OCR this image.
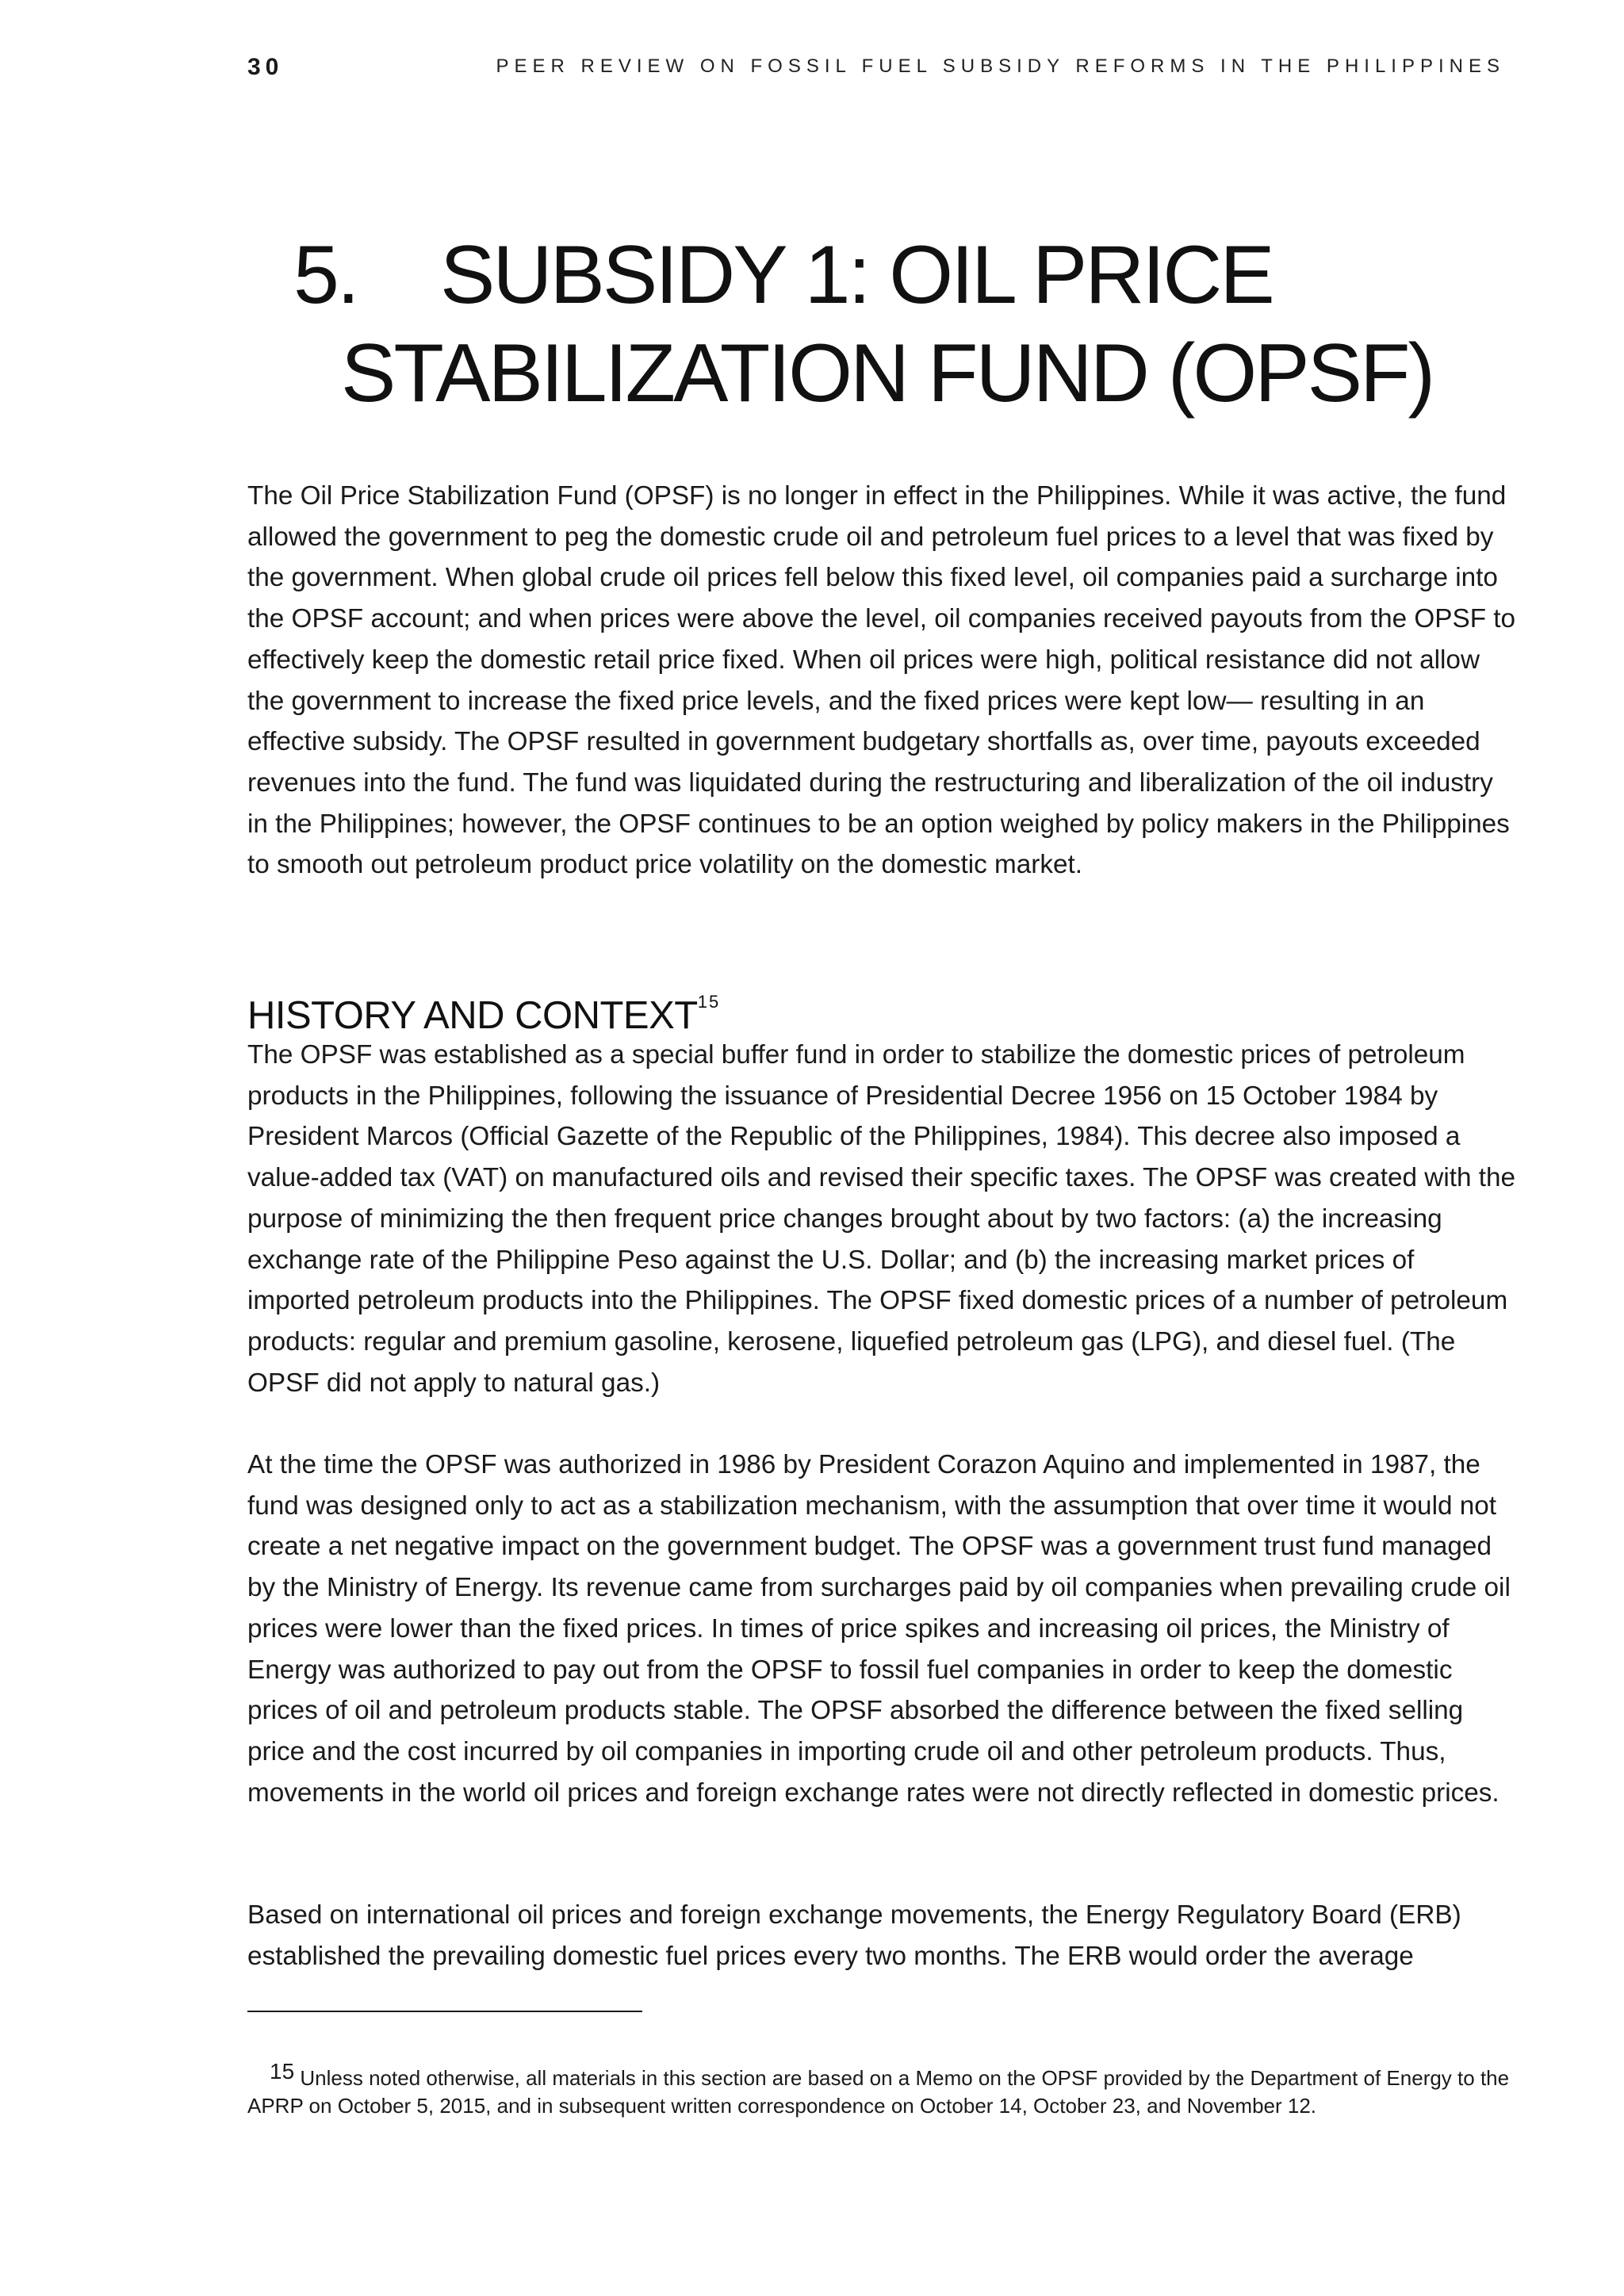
30	PEER REVIEW ON FOSSIL FUEL SUBSIDY REFORMS IN THE PHILIPPINES
5. SUBSIDY 1: OIL PRICE
STABILIZATION FUND (OPSF)

The Oil Price Stabilization Fund (OPSF) is no longer in effect in the Philippines. While it was active, the fund allowed the government to peg the domestic crude oil and petroleum fuel prices to a level that was fixed by the government. When global crude oil prices fell below this fixed level, oil companies paid a surcharge into the OPSF account; and when prices were above the level, oil companies received payouts from the OPSF to effectively keep the domestic retail price fixed. When oil prices were high, political resistance did not allow the government to increase the fixed price levels, and the fixed prices were kept low— resulting in an effective subsidy. The OPSF resulted in government budgetary shortfalls as, over time, payouts exceeded revenues into the fund. The fund was liquidated during the restructuring and liberalization of the oil industry in the Philippines; however, the OPSF continues to be an option weighed by policy makers in the Philippines to smooth out petroleum product price volatility on the domestic market.

HISTORY AND CONTEXT$^{15}$

The OPSF was established as a special buffer fund in order to stabilize the domestic prices of petroleum products in the Philippines, following the issuance of Presidential Decree 1956 on 15 October 1984 by President Marcos (Official Gazette of the Republic of the Philippines, 1984). This decree also imposed a value-added tax (VAT) on manufactured oils and revised their specific taxes. The OPSF was created with the purpose of minimizing the then frequent price changes brought about by two factors: (a) the increasing exchange rate of the Philippine Peso against the U.S. Dollar; and (b) the increasing market prices of imported petroleum products into the Philippines. The OPSF fixed domestic prices of a number of petroleum products: regular and premium gasoline, kerosene, liquefied petroleum gas (LPG), and diesel fuel. (The OPSF did not apply to natural gas.)

At the time the OPSF was authorized in 1986 by President Corazon Aquino and implemented in 1987, the fund was designed only to act as a stabilization mechanism, with the assumption that over time it would not create a net negative impact on the government budget. The OPSF was a government trust fund managed by the Ministry of Energy. Its revenue came from surcharges paid by oil companies when prevailing crude oil prices were lower than the fixed prices. In times of price spikes and increasing oil prices, the Ministry of Energy was authorized to pay out from the OPSF to fossil fuel companies in order to keep the domestic prices of oil and petroleum products stable. The OPSF absorbed the difference between the fixed selling price and the cost incurred by oil companies in importing crude oil and other petroleum products. Thus, movements in the world oil prices and foreign exchange rates were not directly reflected in domestic prices.

Based on international oil prices and foreign exchange movements, the Energy Regulatory Board (ERB) established the prevailing domestic fuel prices every two months. The ERB would order the average

$^{15}$ Unless noted otherwise, all materials in this section are based on a Memo on the OPSF provided by the Department of Energy to the APRP on October 5, 2015, and in subsequent written correspondence on October 14, October 23, and November 12.
